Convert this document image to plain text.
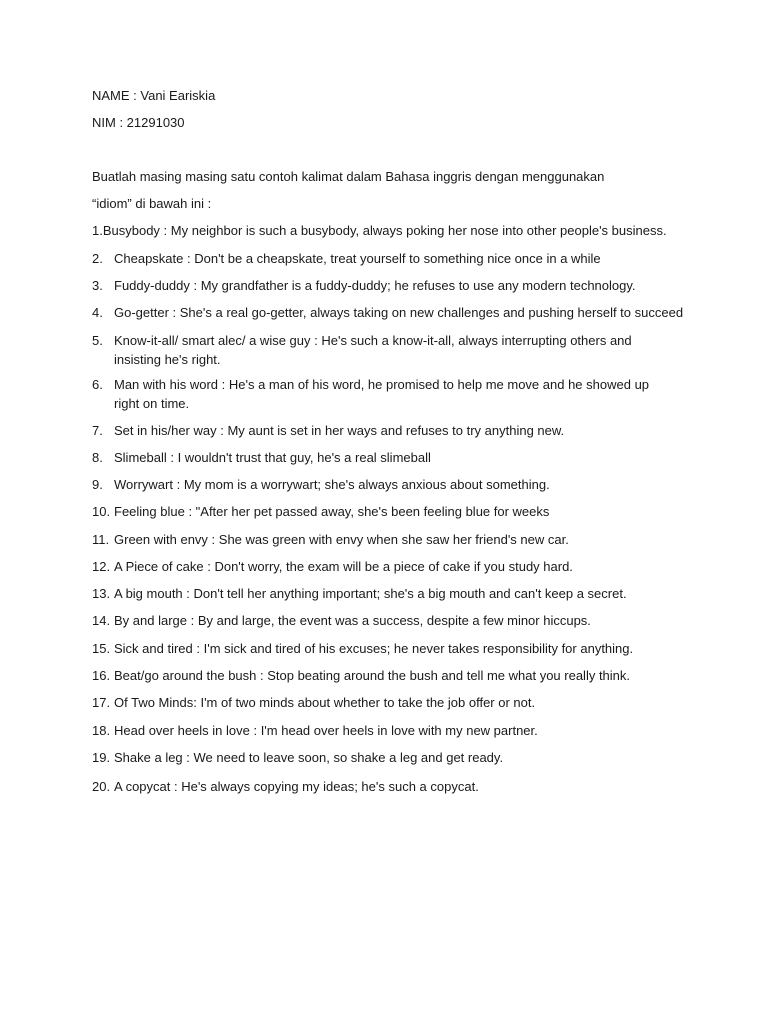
NAME : Vani Eariskia
NIM : 21291030
Buatlah masing masing satu contoh kalimat dalam Bahasa inggris dengan menggunakan
“idiom” di bawah ini :
1.Busybody : My neighbor is such a busybody, always poking her nose into other people's business.
2. Cheapskate : Don't be a cheapskate, treat yourself to something nice once in a while
3. Fuddy-duddy : My grandfather is a fuddy-duddy; he refuses to use any modern technology.
4. Go-getter : She's a real go-getter, always taking on new challenges and pushing herself to succeed
5. Know-it-all/ smart alec/ a wise guy : He's such a know-it-all, always interrupting others and insisting he's right.
6. Man with his word : He's a man of his word, he promised to help me move and he showed up right on time.
7. Set in his/her way : My aunt is set in her ways and refuses to try anything new.
8. Slimeball : I wouldn't trust that guy, he's a real slimeball
9. Worrywart : My mom is a worrywart; she's always anxious about something.
10. Feeling blue : "After her pet passed away, she's been feeling blue for weeks
11. Green with envy : She was green with envy when she saw her friend's new car.
12. A Piece of cake : Don't worry, the exam will be a piece of cake if you study hard.
13. A big mouth : Don't tell her anything important; she's a big mouth and can't keep a secret.
14. By and large : By and large, the event was a success, despite a few minor hiccups.
15. Sick and tired : I'm sick and tired of his excuses; he never takes responsibility for anything.
16. Beat/go around the bush : Stop beating around the bush and tell me what you really think.
17. Of Two Minds: I'm of two minds about whether to take the job offer or not.
18. Head over heels in love : I'm head over heels in love with my new partner.
19. Shake a leg : We need to leave soon, so shake a leg and get ready.
20. A copycat : He's always copying my ideas; he's such a copycat.
